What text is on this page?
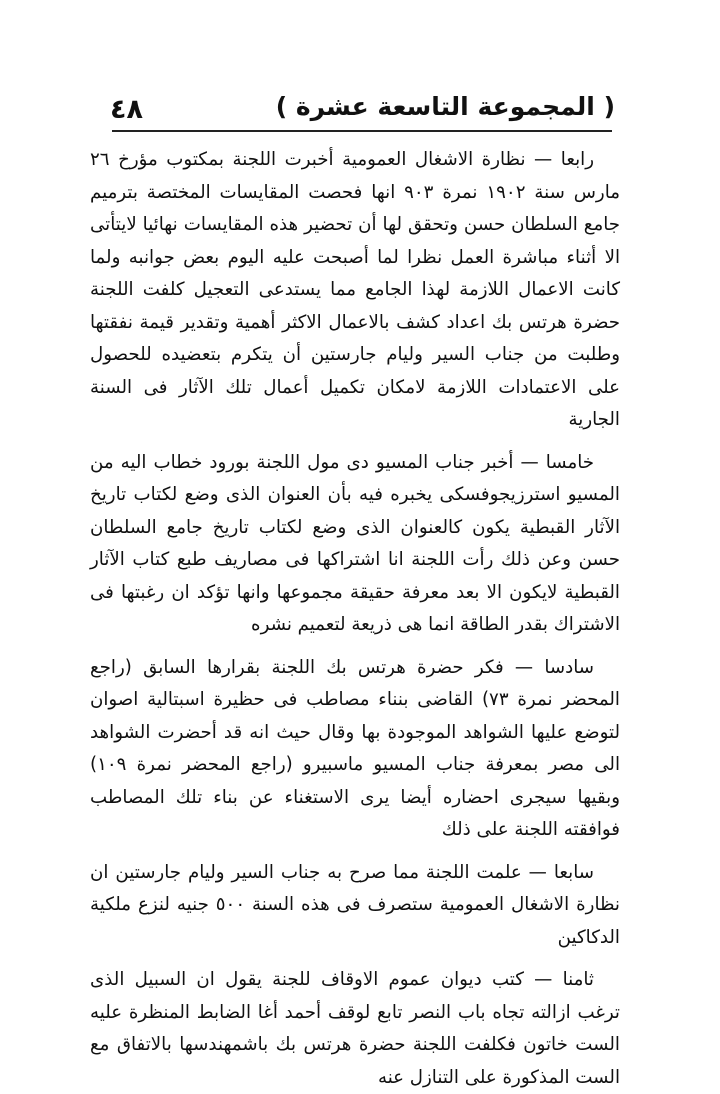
٤٨	( المجموعة التاسعة عشرة )

رابعا — نظارة الاشغال العمومية أخبرت اللجنة بمكتوب مؤرخ ٢٦ مارس سنة ١٩٠٢ نمرة ٩٠٣ انها فحصت المقايسات المختصة بترميم جامع السلطان حسن وتحقق لها أن تحضير هذه المقايسات نهائيا لايتأتى الا أثناء مباشرة العمل نظرا لما أصبحت عليه اليوم بعض جوانبه ولما كانت الاعمال اللازمة لهذا الجامع مما يستدعى التعجيل كلفت اللجنة حضرة هرتس بك اعداد كشف بالاعمال الاكثر أهمية وتقدير قيمة نفقتها وطلبت من جناب السير وليام جارستين أن يتكرم بتعضيده للحصول على الاعتمادات اللازمة لامكان تكميل أعمال تلك الآثار فى السنة الجارية

خامسا — أخبر جناب المسيو دى مول اللجنة بورود خطاب اليه من المسيو استرزيجوفسكى يخبره فيه بأن العنوان الذى وضع لكتاب تاريخ الآثار القبطية يكون كالعنوان الذى وضع لكتاب تاريخ جامع السلطان حسن وعن ذلك رأت اللجنة انا اشتراكها فى مصاريف طبع كتاب الآثار القبطية لايكون الا بعد معرفة حقيقة مجموعها وانها تؤكد ان رغبتها فى الاشتراك بقدر الطاقة انما هى ذريعة لتعميم نشره

سادسا — فكر حضرة هرتس بك اللجنة بقرارها السابق (راجع المحضر نمرة ٧٣) القاضى بنناء مصاطب فى حظيرة اسبتالية اصوان لتوضع عليها الشواهد الموجودة بها وقال حيث انه قد أحضرت الشواهد الى مصر بمعرفة جناب المسيو ماسبيرو (راجع المحضر نمرة ١٠٩) وبقيها سيجرى احضاره أيضا يرى الاستغناء عن بناء تلك المصاطب فوافقته اللجنة على ذلك

سابعا — علمت اللجنة مما صرح به جناب السير وليام جارستين ان نظارة الاشغال العمومية ستصرف فى هذه السنة ٥٠٠ جنيه لنزع ملكية الدكاكين

ثامنا — كتب ديوان عموم الاوقاف للجنة يقول ان السبيل الذى ترغب ازالته تجاه باب النصر تابع لوقف أحمد أغا الضابط المنظرة عليه الست خاتون فكلفت اللجنة حضرة هرتس بك باشمهندسها بالاتفاق مع الست المذكورة على التنازل عنه
